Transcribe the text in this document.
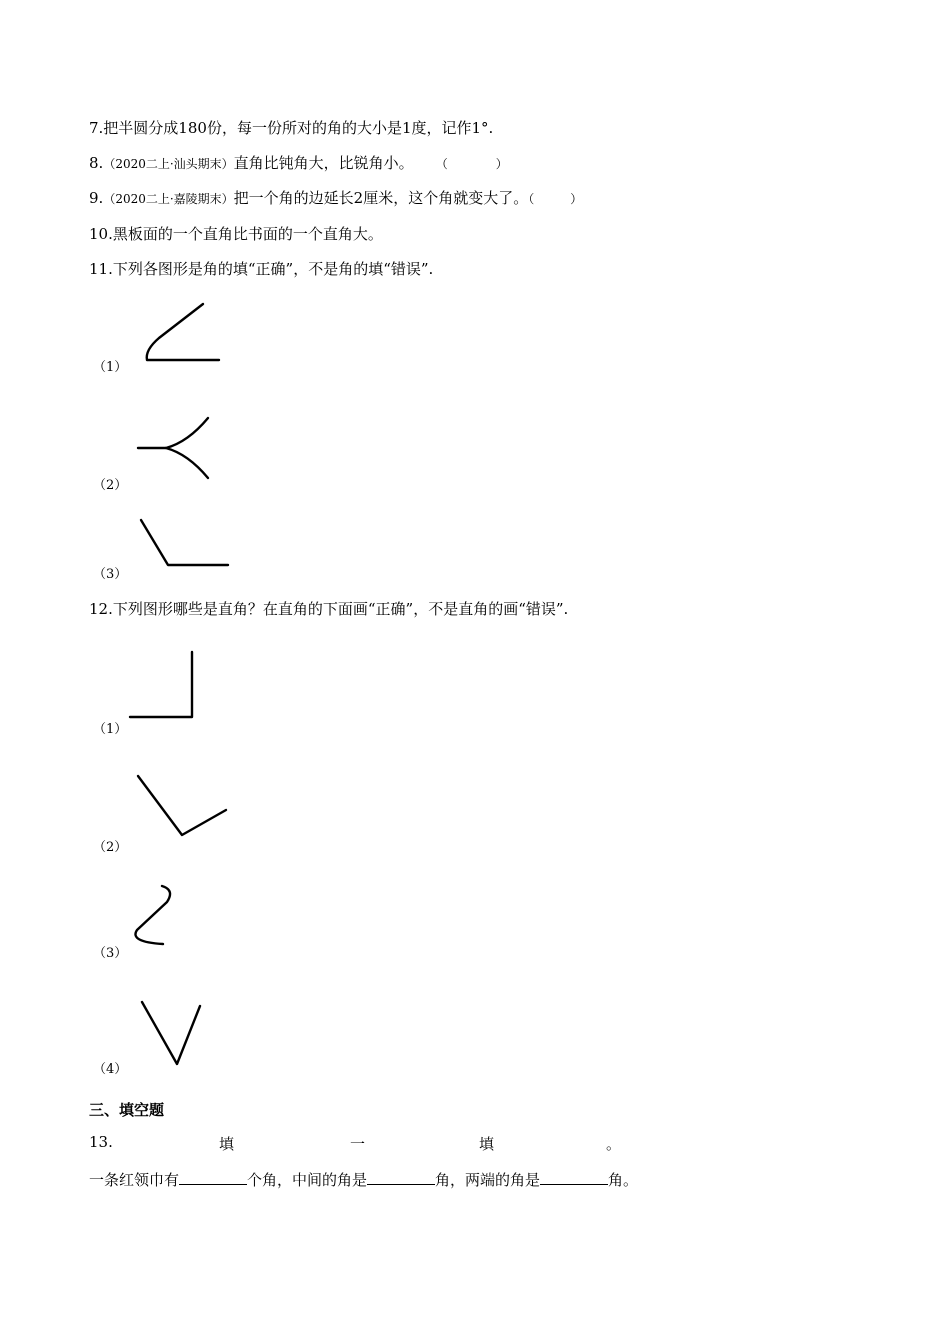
7.把半圆分成180份，每一份所对的角的大小是1度，记作1°.
8.（2020二上·汕头期末）直角比钝角大，比锐角小。 （　　　　）
9.（2020二上·嘉陵期末）把一个角的边延长2厘米，这个角就变大了。（　　　）
10.黑板面的一个直角比书面的一个直角大。
11.下列各图形是角的填“正确”，不是角的填“错误”.
（1）
（2）
（3）
12.下列图形哪些是直角？在直角的下面画“正确”，不是直角的画“错误”.
（1）
（2）
（3）
（4）
三、填空题
13.	填	一	填	。
一条红领巾有	个角，中间的角是	角，两端的角是	角。
